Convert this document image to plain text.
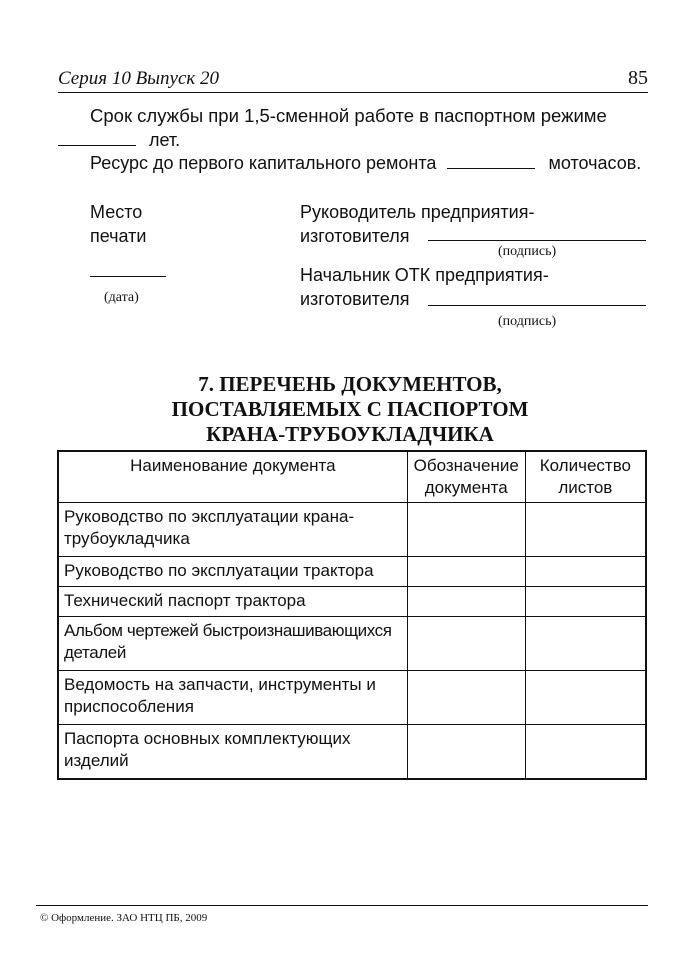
Серия 10 Выпуск 20	85
Срок службы при 1,5-сменной работе в паспортном режиме
лет.
Ресурс до первого капитального ремонта	моточасов.
Место
печати
(дата)
Руководитель предприятия-
изготовителя
(подпись)
Начальник ОТК предприятия-
изготовителя
(подпись)
7. ПЕРЕЧЕНЬ ДОКУМЕНТОВ,
ПОСТАВЛЯЕМЫХ С ПАСПОРТОМ
КРАНА-ТРУБОУКЛАДЧИКА
Наименование документа	Обозначение документа	Количество листов
Руководство по эксплуатации крана-трубоукладчика		
Руководство по эксплуатации трактора		
Технический паспорт трактора		
Альбом чертежей быстроизнашивающихся деталей		
Ведомость на запчасти, инструменты и приспособления		
Паспорта основных комплектующих изделий		
© Оформление. ЗАО НТЦ ПБ, 2009
